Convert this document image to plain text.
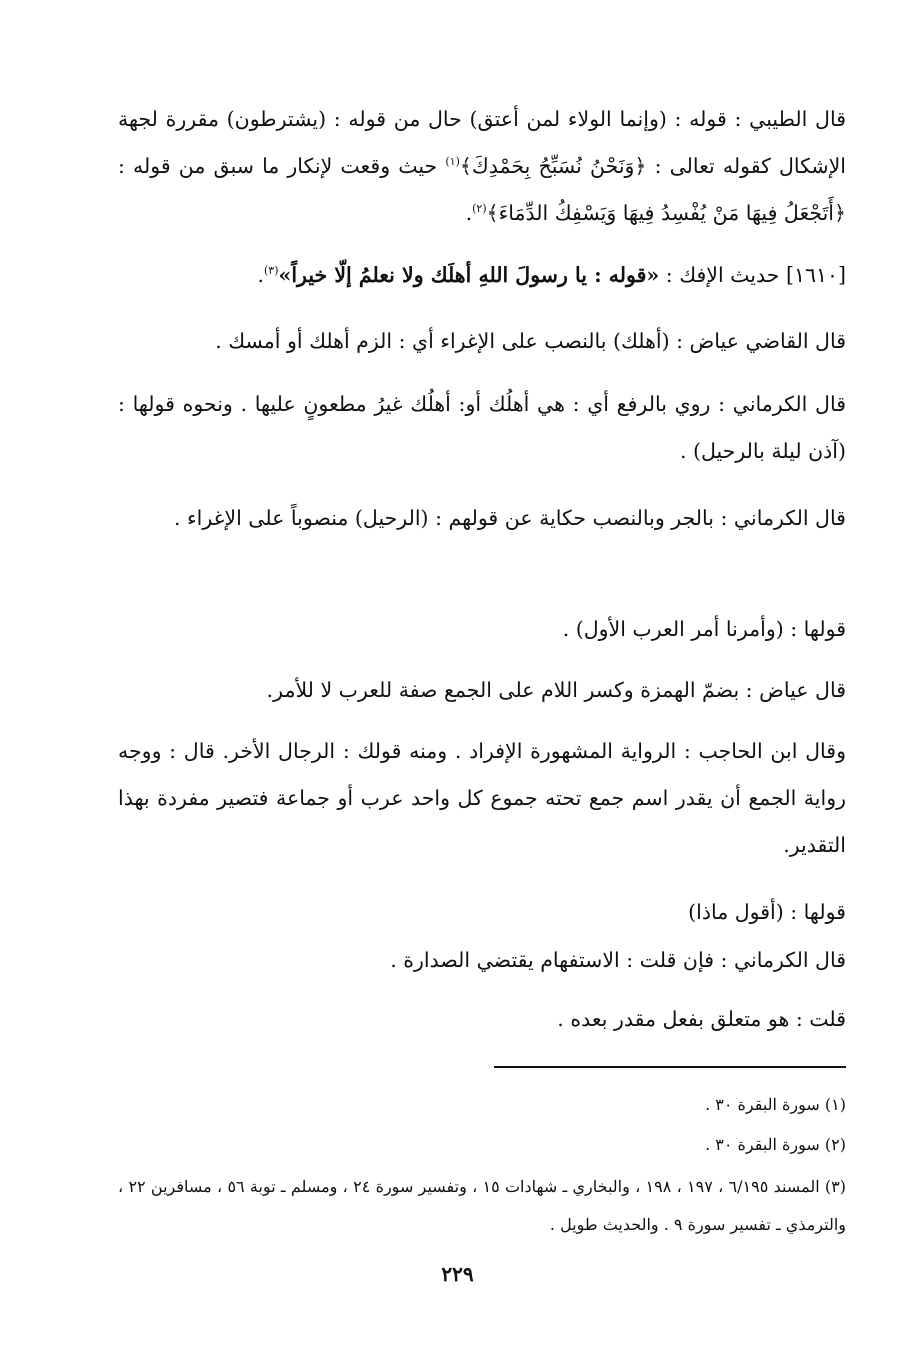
قال الطيبي : قوله : (وإنما الولاء لمن أعتق) حال من قوله : (يشترطون) مقررة لجهة الإشكال كقوله تعالى : ﴿وَنَحْنُ نُسَبِّحُ بِحَمْدِكَ﴾$^{(١)}$ حيث وقعت لإنكار ما سبق من قوله : ﴿أَتَجْعَلُ فِيهَا مَنْ يُفْسِدُ فِيهَا وَيَسْفِكُ الدِّمَاءَ﴾$^{(٢)}$.

[١٦١٠] حديث الإفك : «قوله : يا رسولَ اللهِ أهلَك ولا نعلمُ إلّا خيراً»$^{(٣)}$.

قال القاضي عياض : (أهلك) بالنصب على الإغراء أي : الزم أهلك أو أمسك .

قال الكرماني : روي بالرفع أي : هي أهلُك أو: أهلُك غيرُ مطعونٍ عليها . ونحوه قولها : (آذن ليلة بالرحيل) .

قال الكرماني : بالجر وبالنصب حكاية عن قولهم : (الرحيل) منصوباً على الإغراء .

قولها : (وأمرنا أمر العرب الأول) .

قال عياض : بضمّ الهمزة وكسر اللام على الجمع صفة للعرب لا للأمر.

وقال ابن الحاجب : الرواية المشهورة الإفراد . ومنه قولك : الرجال الأخر. قال : ووجه رواية الجمع أن يقدر اسم جمع تحته جموع كل واحد عرب أو جماعة فتصير مفردة بهذا التقدير.

قولها : (أقول ماذا)

قال الكرماني : فإن قلت : الاستفهام يقتضي الصدارة .

قلت : هو متعلق بفعل مقدر بعده .

(١) سورة البقرة ٣٠ .

(٢) سورة البقرة ٣٠ .

(٣) المسند ٦/١٩٥ ، ١٩٧ ، ١٩٨ ، والبخاري ـ شهادات ١٥ ، وتفسير سورة ٢٤ ، ومسلم ـ توبة ٥٦ ، مسافرين ٢٢ ، والترمذي ـ تفسير سورة ٩ . والحديث طويل .

٢٢٩
